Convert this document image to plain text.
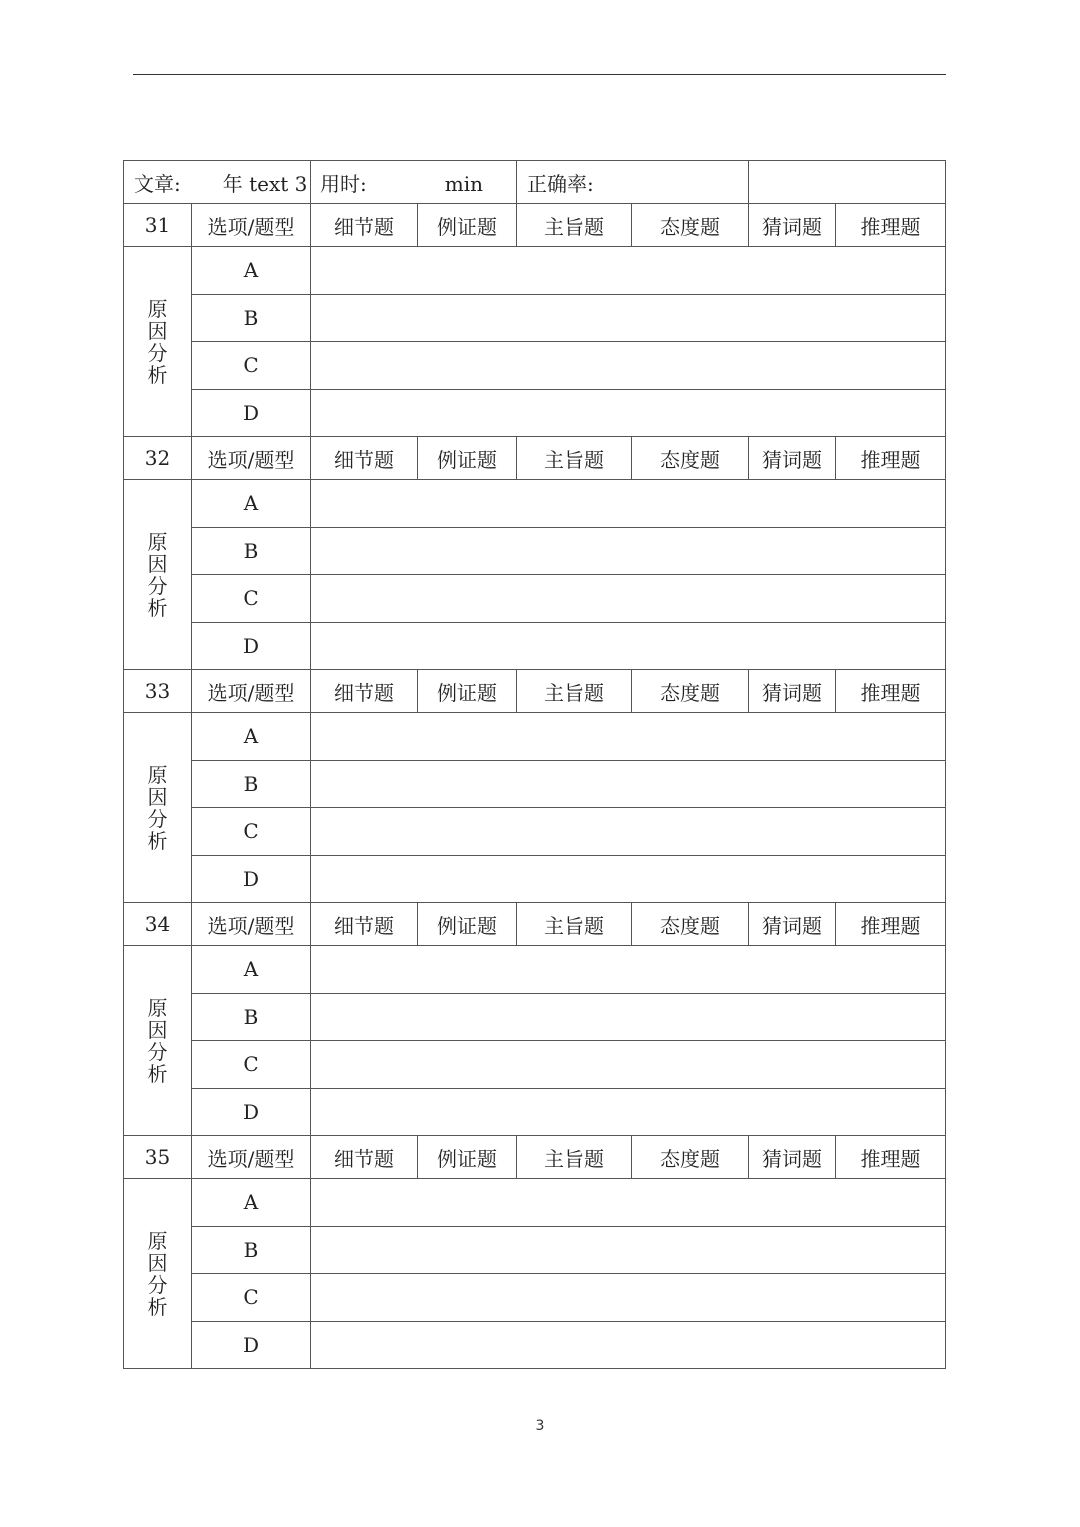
文章: 年 text 3		用时: min		正确率:			
31	选项/题型	细节题	例证题	主旨题	态度题	猜词题	推理题

原
因
分
析	A						
	B						
	C						
	D						
32	选项/题型	细节题	例证题	主旨题	态度题	猜词题	推理题

原
因
分
析	A						
	B						
	C						
	D						
33	选项/题型	细节题	例证题	主旨题	态度题	猜词题	推理题

原
因
分
析	A						
	B						
	C						
	D						
34	选项/题型	细节题	例证题	主旨题	态度题	猜词题	推理题

原
因
分
析	A						
	B						
	C						
	D						
35	选项/题型	细节题	例证题	主旨题	态度题	猜词题	推理题

原
因
分
析	A						
	B						
	C						
	D						
3
